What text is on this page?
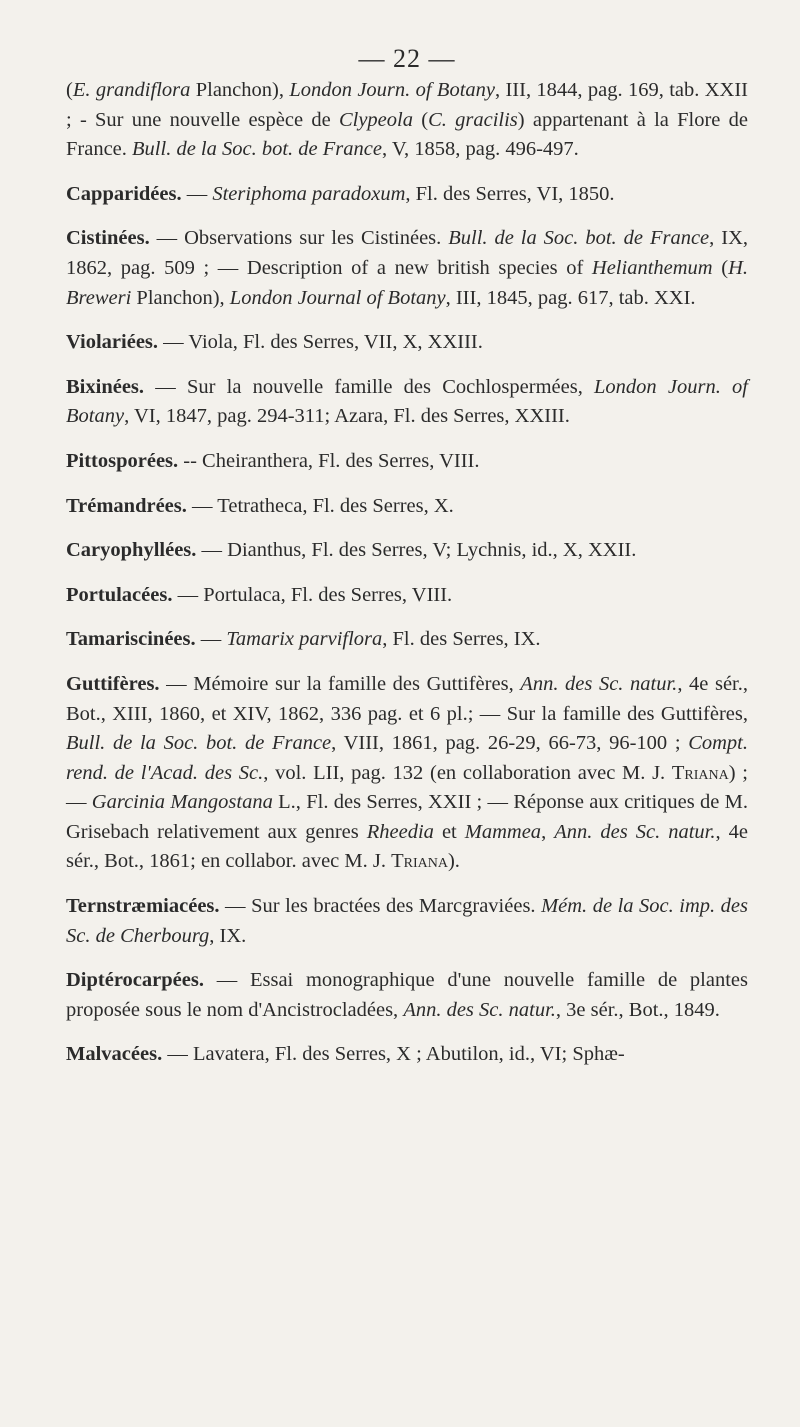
— 22 —

(E. grandiflora Planchon), London Journ. of Botany, III, 1844, pag. 169, tab. XXII ; - Sur une nouvelle espèce de Clypeola (C. gracilis) appartenant à la Flore de France. Bull. de la Soc. bot. de France, V, 1858, pag. 496-497.

Capparidées. — Steriphoma paradoxum, Fl. des Serres, VI, 1850.

Cistinées. — Observations sur les Cistinées. Bull. de la Soc. bot. de France, IX, 1862, pag. 509 ; — Description of a new british species of Helianthemum (H. Breweri Planchon), London Journal of Botany, III, 1845, pag. 617, tab. XXI.

Violariées. — Viola, Fl. des Serres, VII, X, XXIII.

Bixinées. — Sur la nouvelle famille des Cochlospermées, London Journ. of Botany, VI, 1847, pag. 294-311; Azara, Fl. des Serres, XXIII.

Pittosporées. -- Cheiranthera, Fl. des Serres, VIII.

Trémandrées. — Tetratheca, Fl. des Serres, X.

Caryophyllées. — Dianthus, Fl. des Serres, V; Lychnis, id., X, XXII.

Portulacées. — Portulaca, Fl. des Serres, VIII.

Tamariscinées. — Tamarix parviflora, Fl. des Serres, IX.

Guttifères. — Mémoire sur la famille des Guttifères, Ann. des Sc. natur., 4e sér., Bot., XIII, 1860, et XIV, 1862, 336 pag. et 6 pl.; — Sur la famille des Guttifères, Bull. de la Soc. bot. de France, VIII, 1861, pag. 26-29, 66-73, 96-100 ; Compt. rend. de l'Acad. des Sc., vol. LII, pag. 132 (en collaboration avec M. J. Triana) ; — Garcinia Mangostana L., Fl. des Serres, XXII ; — Réponse aux critiques de M. Grisebach relativement aux genres Rheedia et Mammea, Ann. des Sc. natur., 4e sér., Bot., 1861; en collabor. avec M. J. Triana).

Ternstræmiacées. — Sur les bractées des Marcgraviées. Mém. de la Soc. imp. des Sc. de Cherbourg, IX.

Diptérocarpées. — Essai monographique d'une nouvelle famille de plantes proposée sous le nom d'Ancistrocladées, Ann. des Sc. natur., 3e sér., Bot., 1849.

Malvacées. — Lavatera, Fl. des Serres, X ; Abutilon, id., VI; Sphæ-
